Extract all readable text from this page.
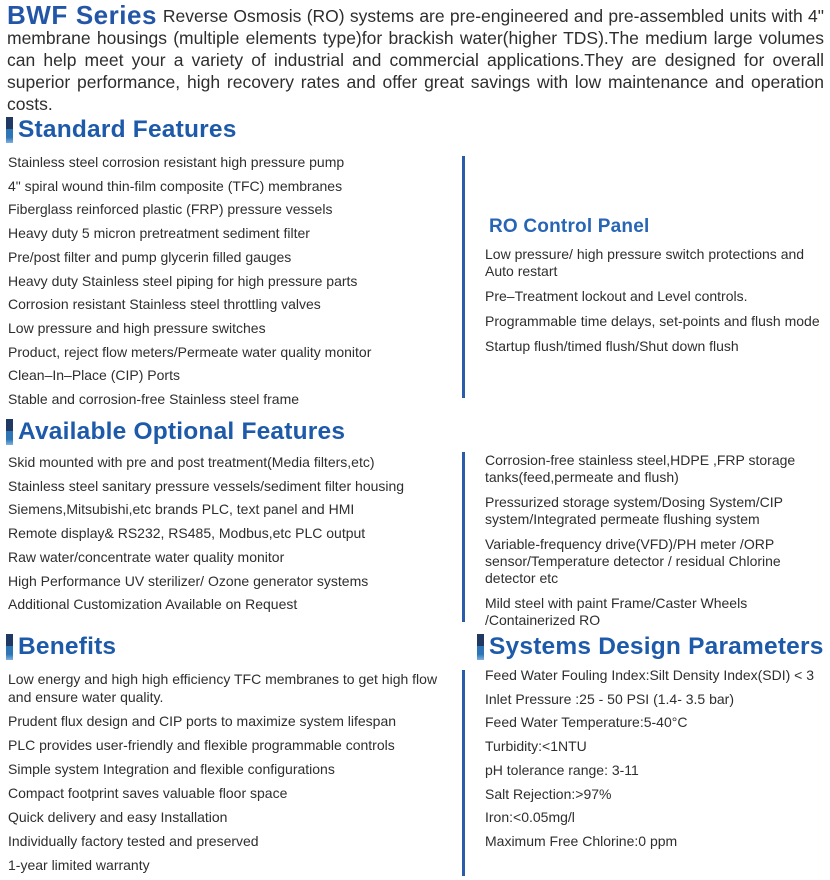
BWF Series Reverse Osmosis (RO) systems are pre-engineered and pre-assembled units with 4" membrane housings (multiple elements type)for brackish water(higher TDS).The medium large volumes can help meet your a variety of industrial and commercial applications.They are designed for overall superior performance, high recovery rates and offer great savings with low maintenance and operation costs.

Standard Features
Stainless steel corrosion resistant high pressure pump
4" spiral wound thin-film composite (TFC) membranes
Fiberglass reinforced plastic (FRP) pressure vessels
Heavy duty 5 micron pretreatment sediment filter
Pre/post filter and pump glycerin filled gauges
Heavy duty Stainless steel piping for high pressure parts
Corrosion resistant Stainless steel throttling valves
Low pressure and high pressure switches
Product, reject flow meters/Permeate water quality monitor
Clean–In–Place (CIP) Ports
Stable and corrosion-free Stainless steel frame
RO Control Panel

Low pressure/ high pressure switch protections and Auto restart

Pre–Treatment lockout and Level controls.

Programmable time delays, set-points and flush mode

Startup flush/timed flush/Shut down flush

Available Optional Features
Skid mounted with pre and post treatment(Media filters,etc)
Stainless steel sanitary pressure vessels/sediment filter housing
Siemens,Mitsubishi,etc brands PLC, text panel and HMI
Remote display& RS232, RS485, Modbus,etc PLC output
Raw water/concentrate water quality monitor
High Performance UV sterilizer/ Ozone generator systems
Additional Customization Available on Request

Corrosion-free stainless steel,HDPE ,FRP storage tanks(feed,permeate and flush)

Pressurized storage system/Dosing System/CIP system/Integrated permeate flushing system

Variable-frequency drive(VFD)/PH meter /ORP sensor/Temperature detector / residual Chlorine detector etc

Mild steel with paint Frame/Caster Wheels /Containerized RO

Benefits

Low energy and high high efficiency TFC membranes to get high flow and ensure water quality.

Prudent flux design and CIP ports to maximize system lifespan

PLC provides user-friendly and flexible programmable controls

Simple system Integration and flexible configurations

Compact footprint saves valuable floor space

Quick delivery and easy Installation

Individually factory tested and preserved

1-year limited warranty

Systems Design Parameters
Feed Water Fouling Index:Silt Density Index(SDI) < 3
Inlet Pressure :25 - 50 PSI (1.4- 3.5 bar)
Feed Water Temperature:5-40°C
Turbidity:<1NTU
pH tolerance range: 3-11
Salt Rejection:>97%
Iron:<0.05mg/l
Maximum Free Chlorine:0 ppm
